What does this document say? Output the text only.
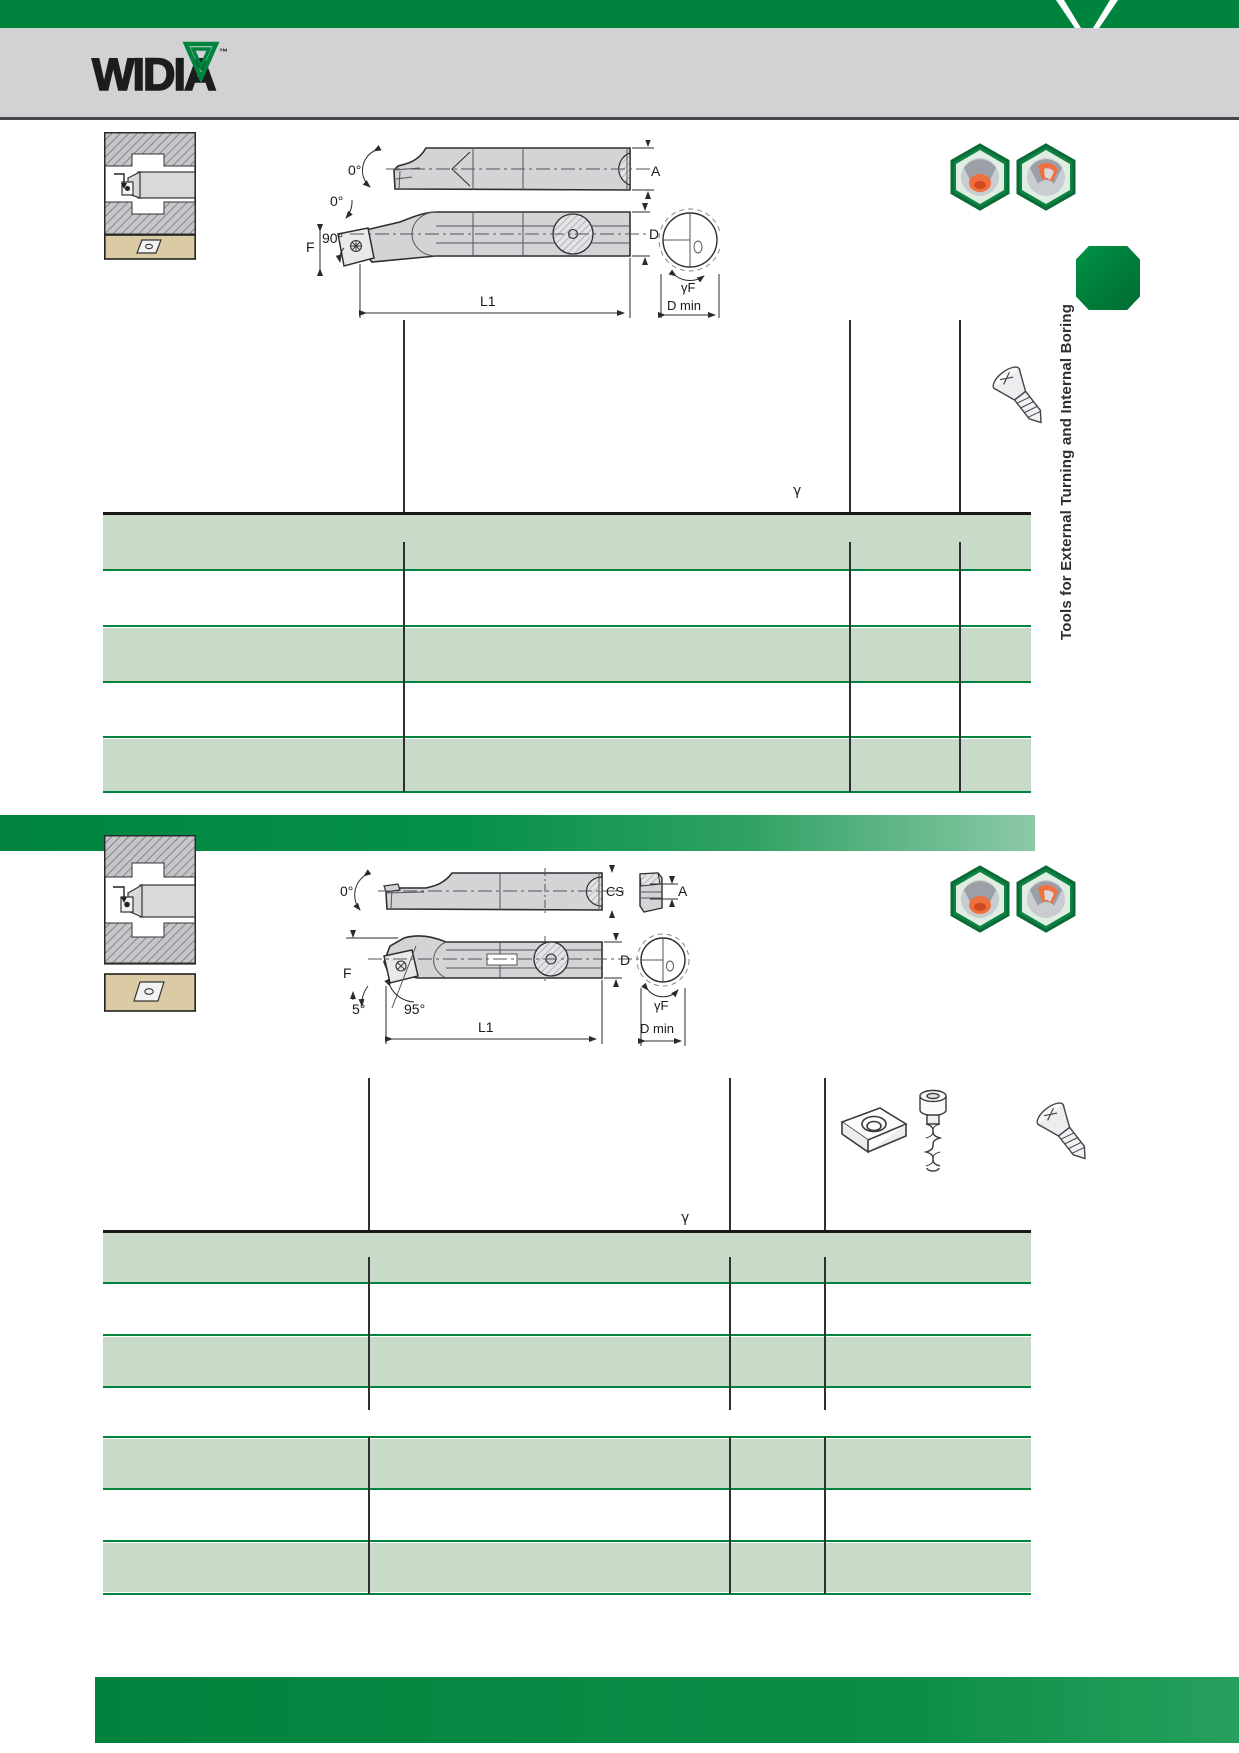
WIDIA ™
Tools for External Turning and Internal Boring
A
0°
0°
90°
F
D
L1
γF
D min
γ
CS	A
0°
F
5°	95°
D
L1
γF
D min
γ
